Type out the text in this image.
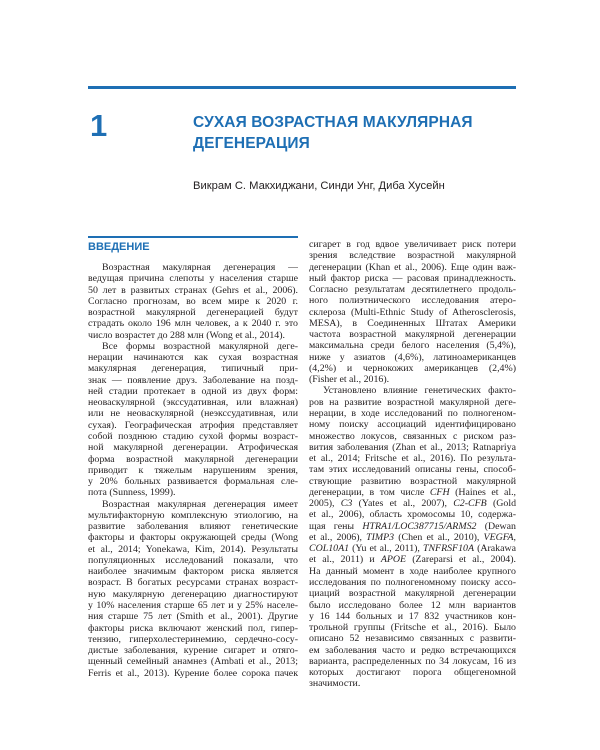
1	СУХАЯ ВОЗРАСТНАЯ МАКУЛЯРНАЯ
ДЕГЕНЕРАЦИЯ
Викрам С. Макхиджани, Синди Унг, Диба Хусейн
ВВЕДЕНИЕ
Возрастная макулярная дегенерация —
ведущая причина слепоты у населения старше
50 лет в развитых странах (Gehrs et al., 2006).
Согласно прогнозам, во всем мире к 2020 г.
возрастной макулярной дегенерацией будут
страдать около 196 млн человек, а к 2040 г. это
число возрастет до 288 млн (Wong et al., 2014).
Все формы возрастной макулярной деге-
нерации начинаются как сухая возрастная
макулярная дегенерация, типичный при-
знак — появление друз. Заболевание на позд-
ней стадии протекает в одной из двух форм:
неоваскулярной (экссудативная, или влажная)
или не неоваскулярной (неэкссудативная, или
сухая). Географическая атрофия представляет
собой позднюю стадию сухой формы возраст-
ной макулярной дегенерации. Атрофическая
форма возрастной макулярной дегенерации
приводит к тяжелым нарушениям зрения,
у 20% больных развивается формальная сле-
пота (Sunness, 1999).
Возрастная макулярная дегенерация имеет
мультифакторную комплексную этиологию, на
развитие заболевания влияют генетические
факторы и факторы окружающей среды (Wong
et al., 2014; Yonekawa, Kim, 2014). Результаты
популяционных исследований показали, что
наиболее значимым фактором риска является
возраст. В богатых ресурсами странах возраст-
ную макулярную дегенерацию диагностируют
у 10% населения старше 65 лет и у 25% населе-
ния старше 75 лет (Smith et al., 2001). Другие
факторы риска включают женский пол, гипер-
тензию, гиперхолестеринемию, сердечно-сосу-
дистые заболевания, курение сигарет и отяго-
щенный семейный анамнез (Ambati et al., 2013;
Ferris et al., 2013). Курение более сорока пачек
сигарет в год вдвое увеличивает риск потери
зрения вследствие возрастной макулярной
дегенерации (Khan et al., 2006). Еще один важ-
ный фактор риска — расовая принадлежность.
Согласно результатам десятилетнего продоль-
ного полиэтнического исследования атеро-
склероза (Multi-Ethnic Study of Atherosclerosis,
MESA), в Соединенных Штатах Америки
частота возрастной макулярной дегенерации
максимальна среди белого населения (5,4%),
ниже у азиатов (4,6%), латиноамериканцев
(4,2%) и чернокожих американцев (2,4%)
(Fisher et al., 2016).
Установлено влияние генетических факто-
ров на развитие возрастной макулярной деге-
нерации, в ходе исследований по полногеном-
ному поиску ассоциаций идентифицировано
множество локусов, связанных с риском раз-
вития заболевания (Zhan et al., 2013; Ratnapriya
et al., 2014; Fritsche et al., 2016). По результа-
там этих исследований описаны гены, способ-
ствующие развитию возрастной макулярной
дегенерации, в том числе CFH (Haines et al.,
2005), C3 (Yates et al., 2007), C2-CFB (Gold
et al., 2006), область хромосомы 10, содержа-
щая гены HTRA1/LOC387715/ARMS2 (Dewan
et al., 2006), TIMP3 (Chen et al., 2010), VEGFA,
COL10A1 (Yu et al., 2011), TNFRSF10A (Arakawa
et al., 2011) и APOE (Zareparsi et al., 2004).
На данный момент в ходе наиболее крупного
исследования по полногеномному поиску ассо-
циаций возрастной макулярной дегенерации
было исследовано более 12 млн вариантов
у 16 144 больных и 17 832 участников кон-
трольной группы (Fritsche et al., 2016). Было
описано 52 независимо связанных с развити-
ем заболевания часто и редко встречающихся
варианта, распределенных по 34 локусам, 16 из
которых достигают порога общегеномной
значимости.
